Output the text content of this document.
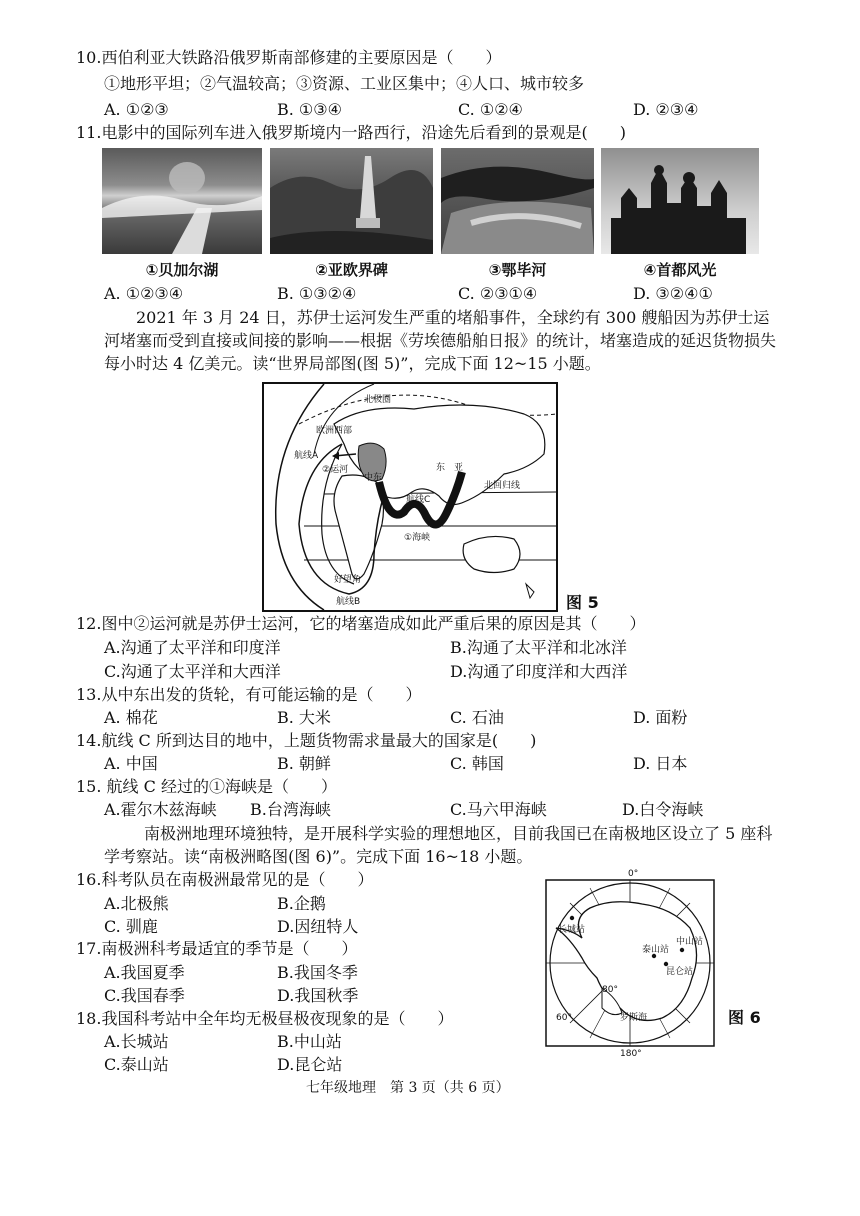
10.西伯利亚大铁路沿俄罗斯南部修建的主要原因是（　　）
①地形平坦；②气温较高；③资源、工业区集中；④人口、城市较多
A. ①②③	B. ①③④	C. ①②④	D. ②③④
11.电影中的国际列车进入俄罗斯境内一路西行，沿途先后看到的景观是(　　)
①贝加尔湖	②亚欧界碑	③鄂毕河	④首都风光
A. ①②③④	B. ①③②④	C. ②③①④	D. ③②④①
2021 年 3 月 24 日，苏伊士运河发生严重的堵船事件，全球约有 300 艘船因为苏伊士运河堵塞而受到直接或间接的影响——根据《劳埃德船舶日报》的统计，堵塞造成的延迟货物损失每小时达 4 亿美元。读“世界局部图(图 5)”，完成下面 12~15 小题。
北极圈
欧洲西部
航线A
②运河
中东
东　亚
航线C
北回归线
①海峡
好望角
航线B	图 5
12.图中②运河就是苏伊士运河，它的堵塞造成如此严重后果的原因是其（　　）
A.沟通了太平洋和印度洋	B.沟通了太平洋和北冰洋
C.沟通了太平洋和大西洋	D.沟通了印度洋和大西洋
13.从中东出发的货轮，有可能运输的是（　　）
A. 棉花	B. 大米	C. 石油	D. 面粉
14.航线 C 所到达目的地中，上题货物需求量最大的国家是(　　)
A. 中国	B. 朝鲜	C. 韩国	D. 日本
15. 航线 C 经过的①海峡是（　　）
A.霍尔木兹海峡 B.台湾海峡	C.马六甲海峡	D.白令海峡
南极洲地理环境独特，是开展科学实验的理想地区，目前我国已在南极地区设立了 5 座科学考察站。读“南极洲略图(图 6)”。完成下面 16~18 小题。
16.科考队员在南极洲最常见的是（　　）
A.北极熊	B.企鹅
C. 驯鹿	D.因纽特人
17.南极洲科考最适宜的季节是（　　）
A.我国夏季	B.我国冬季
C.我国春季	D.我国秋季
18.我国科考站中全年均无极昼极夜现象的是（　　）
A.长城站	B.中山站
C.泰山站	D.昆仑站
0°
180°
60°
80°
长城站
泰山站
中山站
昆仑站
罗斯海	图 6
七年级地理　第 3 页（共 6 页）
